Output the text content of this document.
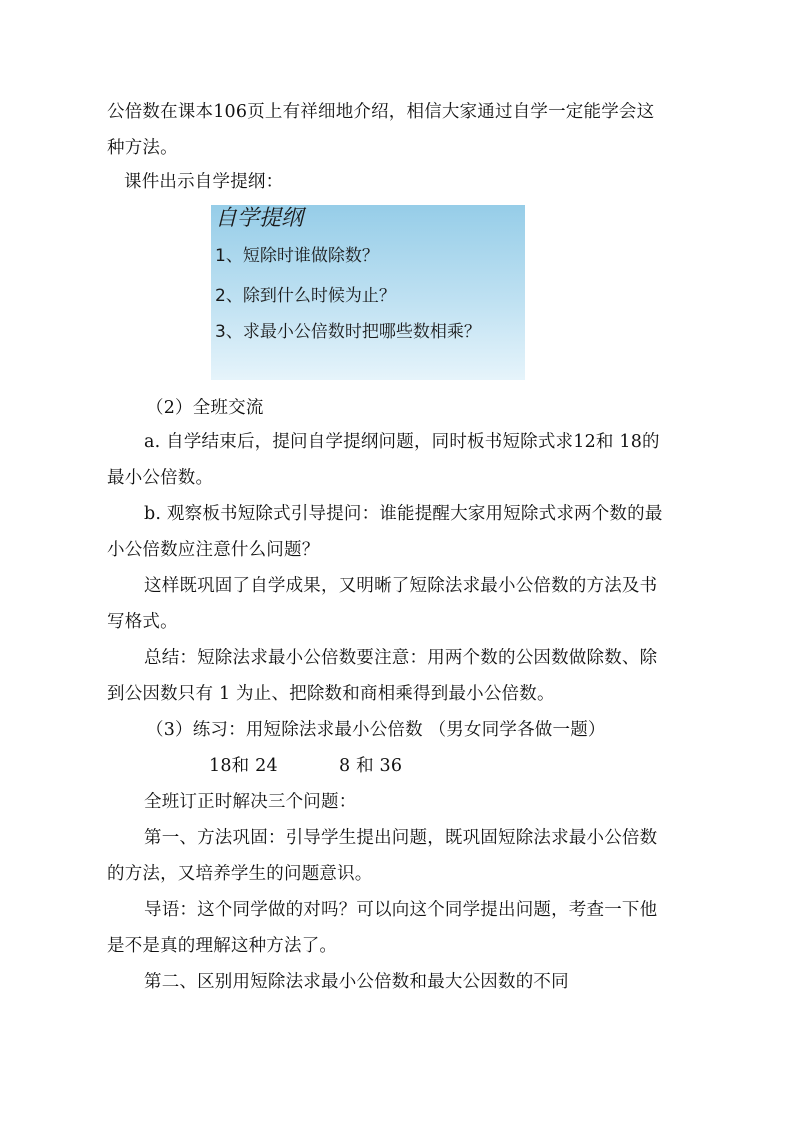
公倍数在课本106页上有祥细地介绍，相信大家通过自学一定能学会这
种方法。
课件出示自学提纲：
自学提纲
1、短除时谁做除数？
2、除到什么时候为止？
3、求最小公倍数时把哪些数相乘？
（2）全班交流
a. 自学结束后，提问自学提纲问题，同时板书短除式求12和 18的
最小公倍数。
b. 观察板书短除式引导提问：谁能提醒大家用短除式求两个数的最
小公倍数应注意什么问题？
这样既巩固了自学成果，又明晰了短除法求最小公倍数的方法及书
写格式。
总结：短除法求最小公倍数要注意：用两个数的公因数做除数、除
到公因数只有 1 为止、把除数和商相乘得到最小公倍数。
（3）练习：用短除法求最小公倍数 （男女同学各做一题）
18和 24	8 和 36
全班订正时解决三个问题：
第一、方法巩固：引导学生提出问题，既巩固短除法求最小公倍数
的方法，又培养学生的问题意识。
导语：这个同学做的对吗？可以向这个同学提出问题，考查一下他
是不是真的理解这种方法了。
第二、区别用短除法求最小公倍数和最大公因数的不同
